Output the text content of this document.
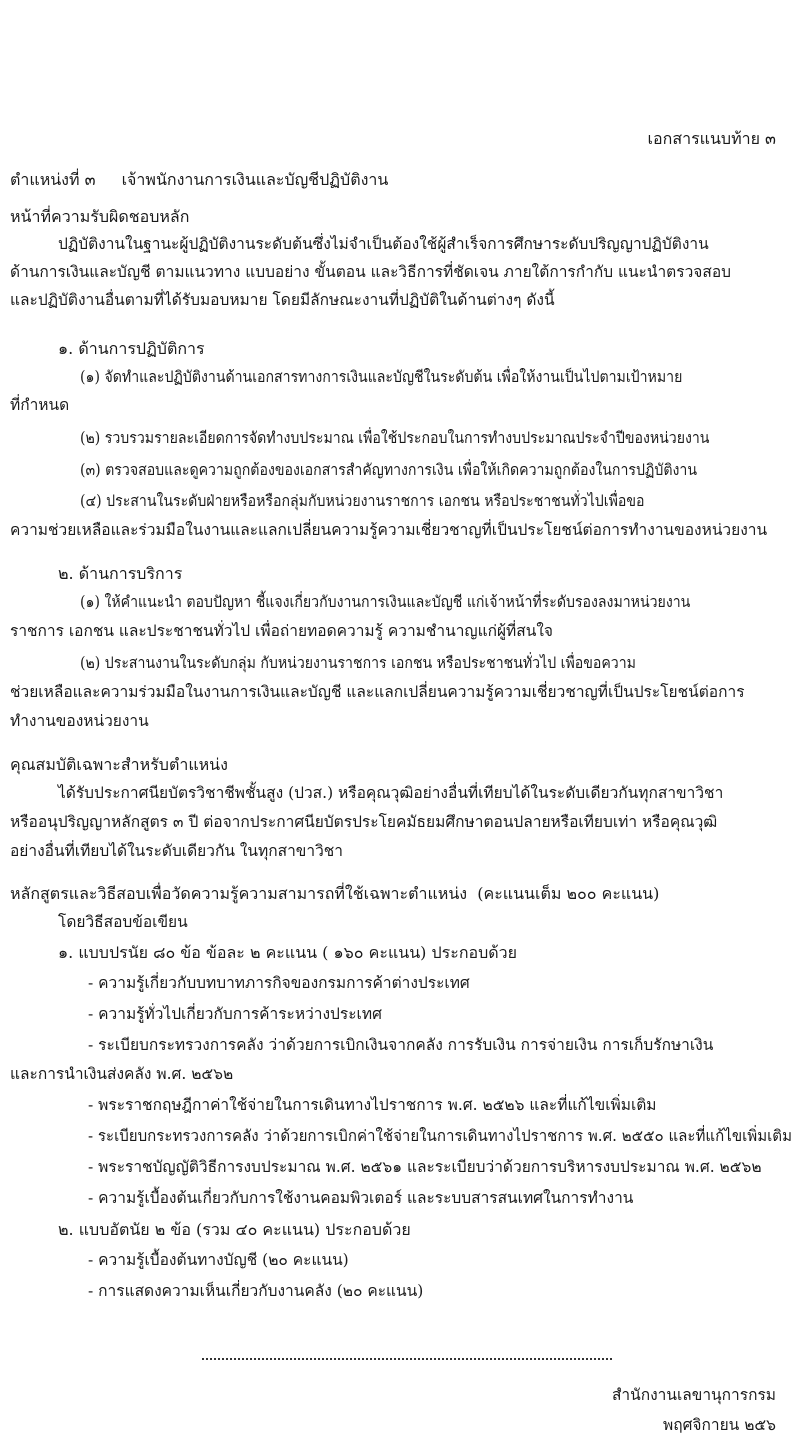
เอกสารแนบท้าย ๓
ตำแหน่งที่ ๓ เจ้าพนักงานการเงินและบัญชีปฏิบัติงาน
หน้าที่ความรับผิดชอบหลัก
ปฏิบัติงานในฐานะผู้ปฏิบัติงานระดับต้นซึ่งไม่จำเป็นต้องใช้ผู้สำเร็จการศึกษาระดับปริญญาปฏิบัติงาน
ด้านการเงินและบัญชี ตามแนวทาง แบบอย่าง ขั้นตอน และวิธีการที่ชัดเจน ภายใต้การกำกับ แนะนำตรวจสอบ
และปฏิบัติงานอื่นตามที่ได้รับมอบหมาย โดยมีลักษณะงานที่ปฏิบัติในด้านต่างๆ ดังนี้
๑. ด้านการปฏิบัติการ
(๑) จัดทำและปฏิบัติงานด้านเอกสารทางการเงินและบัญชีในระดับต้น เพื่อให้งานเป็นไปตามเป้าหมาย
ที่กำหนด
(๒) รวบรวมรายละเอียดการจัดทำงบประมาณ เพื่อใช้ประกอบในการทำงบประมาณประจำปีของหน่วยงาน
(๓) ตรวจสอบและดูความถูกต้องของเอกสารสำคัญทางการเงิน เพื่อให้เกิดความถูกต้องในการปฏิบัติงาน
(๔) ประสานในระดับฝ่ายหรือหรือกลุ่มกับหน่วยงานราชการ เอกชน หรือประชาชนทั่วไปเพื่อขอ
ความช่วยเหลือและร่วมมือในงานและแลกเปลี่ยนความรู้ความเชี่ยวชาญที่เป็นประโยชน์ต่อการทำงานของหน่วยงาน
๒. ด้านการบริการ
(๑) ให้คำแนะนำ ตอบปัญหา ชี้แจงเกี่ยวกับงานการเงินและบัญชี แก่เจ้าหน้าที่ระดับรองลงมาหน่วยงาน
ราชการ เอกชน และประชาชนทั่วไป เพื่อถ่ายทอดความรู้ ความชำนาญแก่ผู้ที่สนใจ
(๒) ประสานงานในระดับกลุ่ม กับหน่วยงานราชการ เอกชน หรือประชาชนทั่วไป เพื่อขอความ
ช่วยเหลือและความร่วมมือในงานการเงินและบัญชี และแลกเปลี่ยนความรู้ความเชี่ยวชาญที่เป็นประโยชน์ต่อการ
ทำงานของหน่วยงาน
คุณสมบัติเฉพาะสำหรับตำแหน่ง
ได้รับประกาศนียบัตรวิชาชีพชั้นสูง (ปวส.) หรือคุณวุฒิอย่างอื่นที่เทียบได้ในระดับเดียวกันทุกสาขาวิชา
หรืออนุปริญญาหลักสูตร ๓ ปี ต่อจากประกาศนียบัตรประโยคมัธยมศึกษาตอนปลายหรือเทียบเท่า หรือคุณวุฒิ
อย่างอื่นที่เทียบได้ในระดับเดียวกัน ในทุกสาขาวิชา
หลักสูตรและวิธีสอบเพื่อวัดความรู้ความสามารถที่ใช้เฉพาะตำแหน่ง (คะแนนเต็ม ๒๐๐ คะแนน)
โดยวิธีสอบข้อเขียน
๑. แบบปรนัย ๘๐ ข้อ ข้อละ ๒ คะแนน ( ๑๖๐ คะแนน) ประกอบด้วย
- ความรู้เกี่ยวกับบทบาทภารกิจของกรมการค้าต่างประเทศ
- ความรู้ทั่วไปเกี่ยวกับการค้าระหว่างประเทศ
- ระเบียบกระทรวงการคลัง ว่าด้วยการเบิกเงินจากคลัง การรับเงิน การจ่ายเงิน การเก็บรักษาเงิน
และการนำเงินส่งคลัง พ.ศ. ๒๕๖๒
- พระราชกฤษฎีกาค่าใช้จ่ายในการเดินทางไปราชการ พ.ศ. ๒๕๒๖ และที่แก้ไขเพิ่มเติม
- ระเบียบกระทรวงการคลัง ว่าด้วยการเบิกค่าใช้จ่ายในการเดินทางไปราชการ พ.ศ. ๒๕๕๐ และที่แก้ไขเพิ่มเติม
- พระราชบัญญัติวิธีการงบประมาณ พ.ศ. ๒๕๖๑ และระเบียบว่าด้วยการบริหารงบประมาณ พ.ศ. ๒๕๖๒
- ความรู้เบื้องต้นเกี่ยวกับการใช้งานคอมพิวเตอร์ และระบบสารสนเทศในการทำงาน
๒. แบบอัตนัย ๒ ข้อ (รวม ๔๐ คะแนน) ประกอบด้วย
- ความรู้เบื้องต้นทางบัญชี (๒๐ คะแนน)
- การแสดงความเห็นเกี่ยวกับงานคลัง (๒๐ คะแนน)
สำนักงานเลขานุการกรม
พฤศจิกายน ๒๕๖
